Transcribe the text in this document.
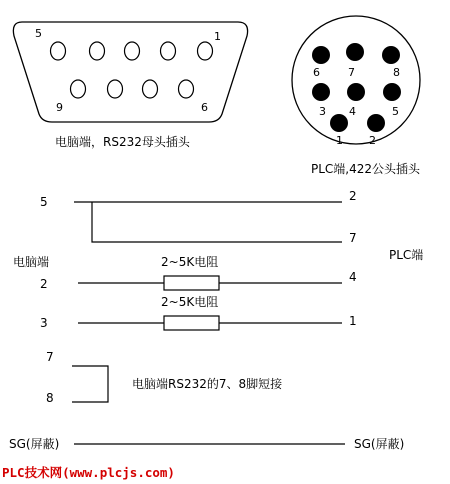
5	1
9	6
电脑端，RS232母头插头
6	7	8
3 4	5
1 2
PLC端,422公头插头
电脑端	PLC端
5
2
3
7
8
2
7
4
1
2~5K电阻
2~5K电阻
电脑端RS232的7、8脚短接
SG(屏蔽)	SG(屏蔽)
PLC技术网(www.plcjs.com)
